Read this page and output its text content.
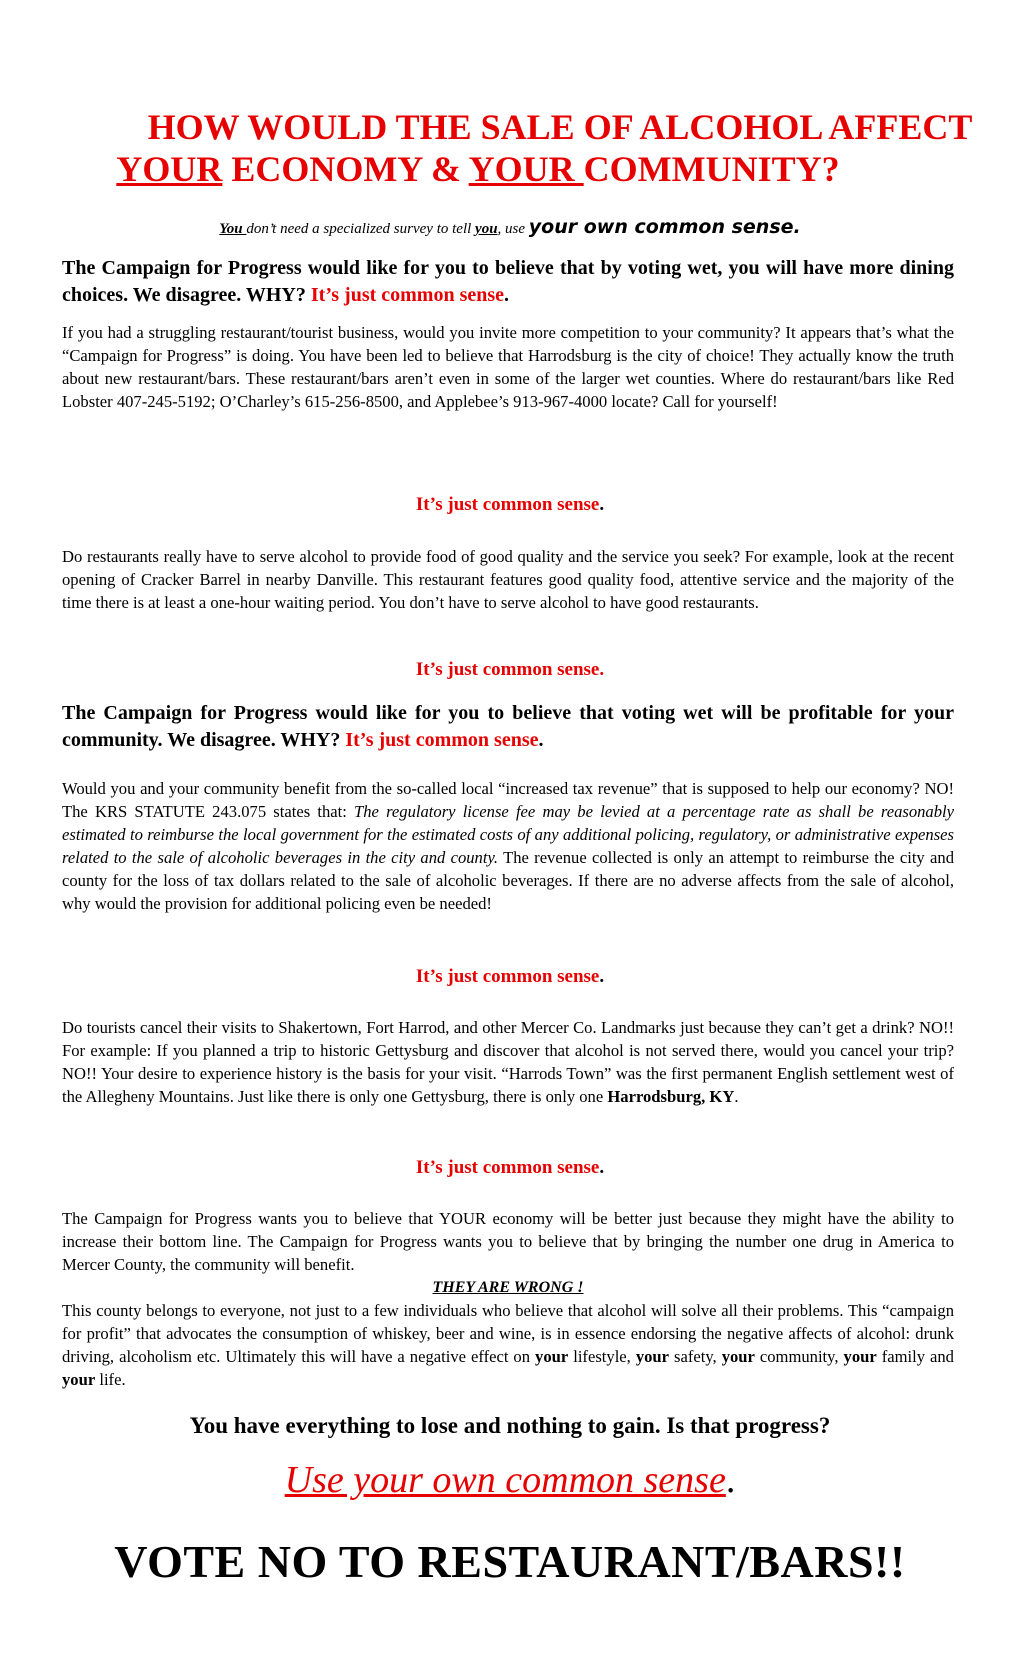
HOW WOULD THE SALE OF ALCOHOL AFFECT
YOUR ECONOMY & YOUR COMMUNITY?
You don’t need a specialized survey to tell you, use your own common sense.

The Campaign for Progress would like for you to believe that by voting wet, you will have more dining choices. We disagree. WHY? It’s just common sense.

If you had a struggling restaurant/tourist business, would you invite more competition to your community? It appears that’s what the “Campaign for Progress” is doing. You have been led to believe that Harrodsburg is the city of choice! They actually know the truth about new restaurant/bars. These restaurant/bars aren’t even in some of the larger wet counties. Where do restaurant/bars like Red Lobster 407-245-5192; O’Charley’s 615-256-8500, and Applebee’s 913-967-4000 locate? Call for yourself!

It’s just common sense.

Do restaurants really have to serve alcohol to provide food of good quality and the service you seek? For example, look at the recent opening of Cracker Barrel in nearby Danville. This restaurant features good quality food, attentive service and the majority of the time there is at least a one-hour waiting period. You don’t have to serve alcohol to have good restaurants.

It’s just common sense.

The Campaign for Progress would like for you to believe that voting wet will be profitable for your community. We disagree. WHY? It’s just common sense.

Would you and your community benefit from the so-called local “increased tax revenue” that is supposed to help our economy? NO! The KRS STATUTE 243.075 states that: The regulatory license fee may be levied at a percentage rate as shall be reasonably estimated to reimburse the local government for the estimated costs of any additional policing, regulatory, or administrative expenses related to the sale of alcoholic beverages in the city and county. The revenue collected is only an attempt to reimburse the city and county for the loss of tax dollars related to the sale of alcoholic beverages. If there are no adverse affects from the sale of alcohol, why would the provision for additional policing even be needed!

It’s just common sense.

Do tourists cancel their visits to Shakertown, Fort Harrod, and other Mercer Co. Landmarks just because they can’t get a drink? NO!! For example: If you planned a trip to historic Gettysburg and discover that alcohol is not served there, would you cancel your trip? NO!! Your desire to experience history is the basis for your visit. “Harrods Town” was the first permanent English settlement west of the Allegheny Mountains. Just like there is only one Gettysburg, there is only one Harrodsburg, KY.

It’s just common sense.

The Campaign for Progress wants you to believe that YOUR economy will be better just because they might have the ability to increase their bottom line. The Campaign for Progress wants you to believe that by bringing the number one drug in America to Mercer County, the community will benefit.
THEY ARE WRONG !
This county belongs to everyone, not just to a few individuals who believe that alcohol will solve all their problems. This “campaign for profit” that advocates the consumption of whiskey, beer and wine, is in essence endorsing the negative affects of alcohol: drunk driving, alcoholism etc. Ultimately this will have a negative effect on your lifestyle, your safety, your community, your family and your life.

You have everything to lose and nothing to gain. Is that progress?

Use your own common sense.

VOTE NO TO RESTAURANT/BARS!!
